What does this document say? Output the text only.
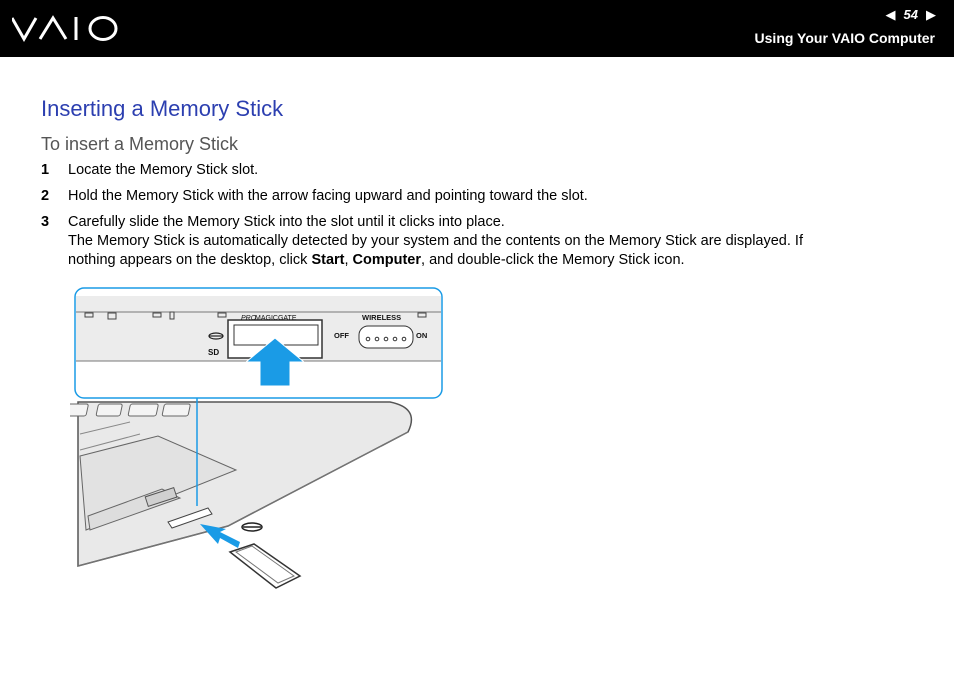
◀ 54 ▶
Using Your VAIO Computer
Inserting a Memory Stick
To insert a Memory Stick
1 Locate the Memory Stick slot.
2 Hold the Memory Stick with the arrow facing upward and pointing toward the slot.
3 Carefully slide the Memory Stick into the slot until it clicks into place.
The Memory Stick is automatically detected by your system and the contents on the Memory Stick are displayed. If
nothing appears on the desktop, click Start, Computer, and double-click the Memory Stick icon.
PRO
MAGICGATE
SD
WIRELESS
OFF	ON
